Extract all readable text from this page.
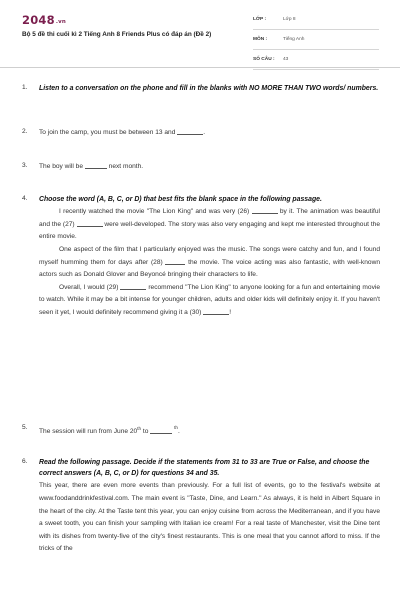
2048.vn
Bộ 5 đề thi cuối kì 2 Tiếng Anh 8 Friends Plus có đáp án (Đề 2)
LỚP :	Lớp 8
MÔN :	Tiếng Anh
SỐ CÂU : 43
1. Listen to a conversation on the phone and fill in the blanks with NO MORE THAN TWO words/ numbers.
2. To join the camp, you must be between 13 and	.
3. The boy will be	next month.
4. Choose the word (A, B, C, or D) that best fits the blank space in the following passage.
I recently watched the movie "The Lion King" and was very (26)	by it. The animation was beautiful and the (27)	were well-developed. The story was also very engaging and kept me interested throughout the entire movie.
One aspect of the film that I particularly enjoyed was the music. The songs were catchy and fun, and I found myself humming them for days after (28)	the movie. The voice acting was also fantastic, with well-known actors such as Donald Glover and Beyoncé bringing their characters to life.
Overall, I would (29)	recommend "The Lion King" to anyone looking for a fun and entertaining movie to watch. While it may be a bit intense for younger children, adults and older kids will definitely enjoy it. If you haven't seen it yet, I would definitely recommend giving it a (30)	!
5.
The session will run from June 20th to  $^{th}$.
6. Read the following passage. Decide if the statements from 31 to 33 are True or False, and choose the correct answers (A, B, C, or D) for questions 34 and 35.
This year, there are even more events than previously. For a full list of events, go to the festival's website at www.foodanddrinkfestival.com. The main event is "Taste, Dine, and Learn." As always, it is held in Albert Square in the heart of the city. At the Taste tent this year, you can enjoy cuisine from across the Mediterranean, and if you have a sweet tooth, you can finish your sampling with Italian ice cream! For a real taste of Manchester, visit the Dine tent with its dishes from twenty-five of the city's finest restaurants. This is one meal that you cannot afford to miss. If the tricks of the
